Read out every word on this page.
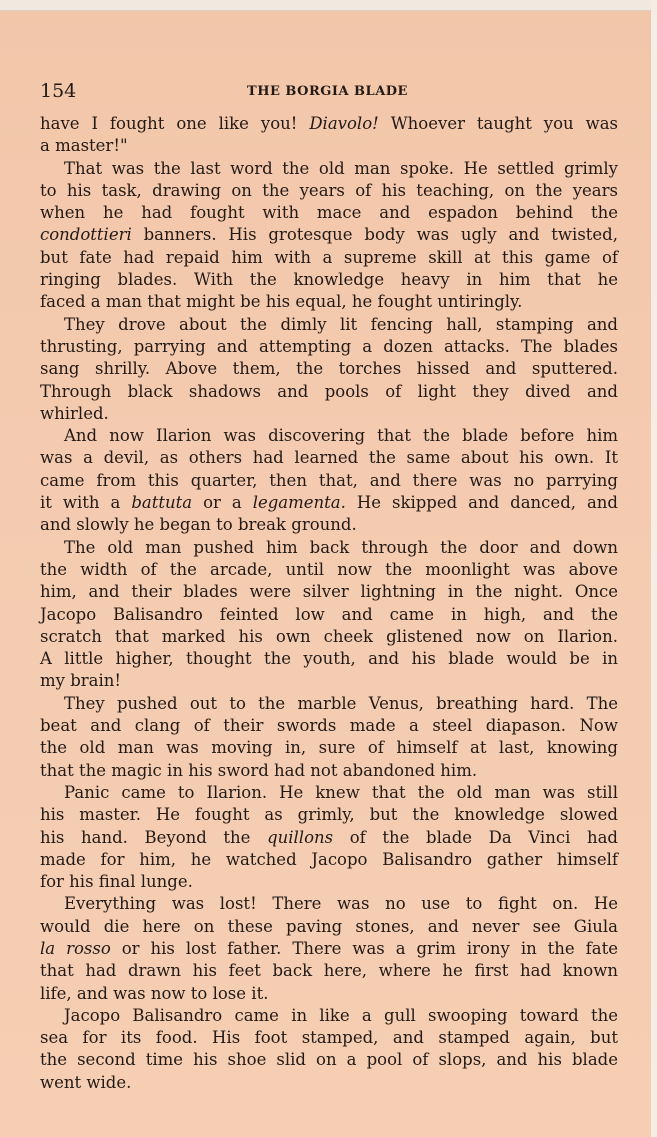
154	THE BORGIA BLADE
have I fought one like you! Diavolo! Whoever taught you was
a master!"
That was the last word the old man spoke. He settled grimly
to his task, drawing on the years of his teaching, on the years
when he had fought with mace and espadon behind the
condottieri banners. His grotesque body was ugly and twisted,
but fate had repaid him with a supreme skill at this game of
ringing blades. With the knowledge heavy in him that he
faced a man that might be his equal, he fought untiringly.
They drove about the dimly lit fencing hall, stamping and
thrusting, parrying and attempting a dozen attacks. The blades
sang shrilly. Above them, the torches hissed and sputtered.
Through black shadows and pools of light they dived and
whirled.
And now Ilarion was discovering that the blade before him
was a devil, as others had learned the same about his own. It
came from this quarter, then that, and there was no parrying
it with a battuta or a legamenta. He skipped and danced, and
and slowly he began to break ground.
The old man pushed him back through the door and down
the width of the arcade, until now the moonlight was above
him, and their blades were silver lightning in the night. Once
Jacopo Balisandro feinted low and came in high, and the
scratch that marked his own cheek glistened now on Ilarion.
A little higher, thought the youth, and his blade would be in
my brain!
They pushed out to the marble Venus, breathing hard. The
beat and clang of their swords made a steel diapason. Now
the old man was moving in, sure of himself at last, knowing
that the magic in his sword had not abandoned him.
Panic came to Ilarion. He knew that the old man was still
his master. He fought as grimly, but the knowledge slowed
his hand. Beyond the quillons of the blade Da Vinci had
made for him, he watched Jacopo Balisandro gather himself
for his final lunge.
Everything was lost! There was no use to fight on. He
would die here on these paving stones, and never see Giula
la rosso or his lost father. There was a grim irony in the fate
that had drawn his feet back here, where he first had known
life, and was now to lose it.
Jacopo Balisandro came in like a gull swooping toward the
sea for its food. His foot stamped, and stamped again, but
the second time his shoe slid on a pool of slops, and his blade
went wide.
